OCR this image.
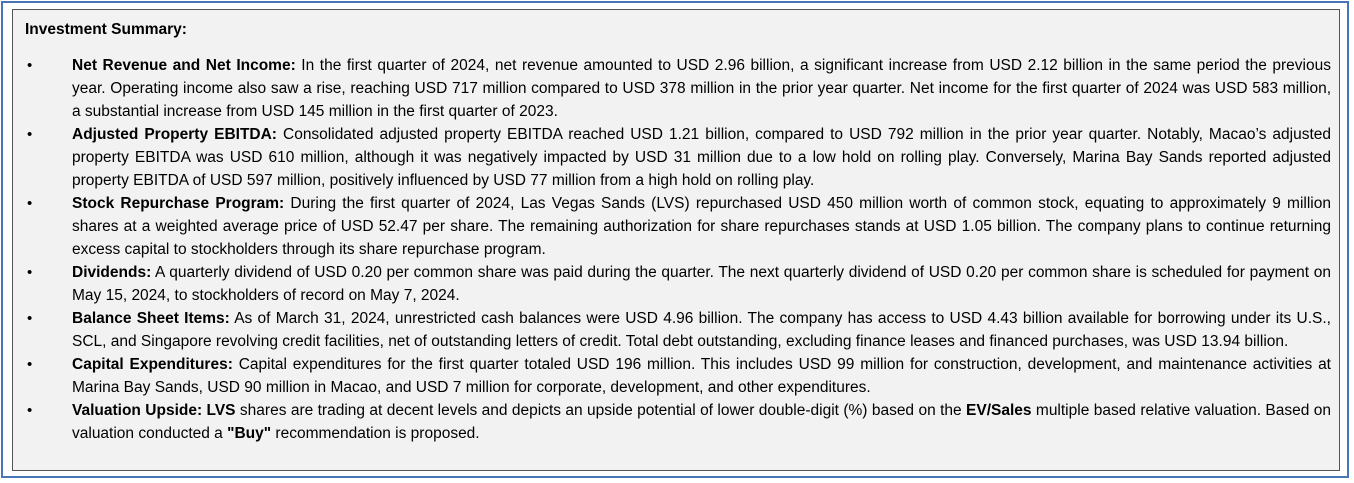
Investment Summary:
•	Net Revenue and Net Income: In the first quarter of 2024, net revenue amounted to USD 2.96 billion, a significant increase from USD 2.12 billion in the same period the previous year. Operating income also saw a rise, reaching USD 717 million compared to USD 378 million in the prior year quarter. Net income for the first quarter of 2024 was USD 583 million, a substantial increase from USD 145 million in the first quarter of 2023.
•	Adjusted Property EBITDA: Consolidated adjusted property EBITDA reached USD 1.21 billion, compared to USD 792 million in the prior year quarter. Notably, Macao’s adjusted property EBITDA was USD 610 million, although it was negatively impacted by USD 31 million due to a low hold on rolling play. Conversely, Marina Bay Sands reported adjusted property EBITDA of USD 597 million, positively influenced by USD 77 million from a high hold on rolling play.
•	Stock Repurchase Program: During the first quarter of 2024, Las Vegas Sands (LVS) repurchased USD 450 million worth of common stock, equating to approximately 9 million shares at a weighted average price of USD 52.47 per share. The remaining authorization for share repurchases stands at USD 1.05 billion. The company plans to continue returning excess capital to stockholders through its share repurchase program.
•	Dividends: A quarterly dividend of USD 0.20 per common share was paid during the quarter. The next quarterly dividend of USD 0.20 per common share is scheduled for payment on May 15, 2024, to stockholders of record on May 7, 2024.
•	Balance Sheet Items: As of March 31, 2024, unrestricted cash balances were USD 4.96 billion. The company has access to USD 4.43 billion available for borrowing under its U.S., SCL, and Singapore revolving credit facilities, net of outstanding letters of credit. Total debt outstanding, excluding finance leases and financed purchases, was USD 13.94 billion.
•	Capital Expenditures: Capital expenditures for the first quarter totaled USD 196 million. This includes USD 99 million for construction, development, and maintenance activities at Marina Bay Sands, USD 90 million in Macao, and USD 7 million for corporate, development, and other expenditures.
•	Valuation Upside: LVS shares are trading at decent levels and depicts an upside potential of lower double-digit (%) based on the EV/Sales multiple based relative valuation. Based on valuation conducted a "Buy" recommendation is proposed.
